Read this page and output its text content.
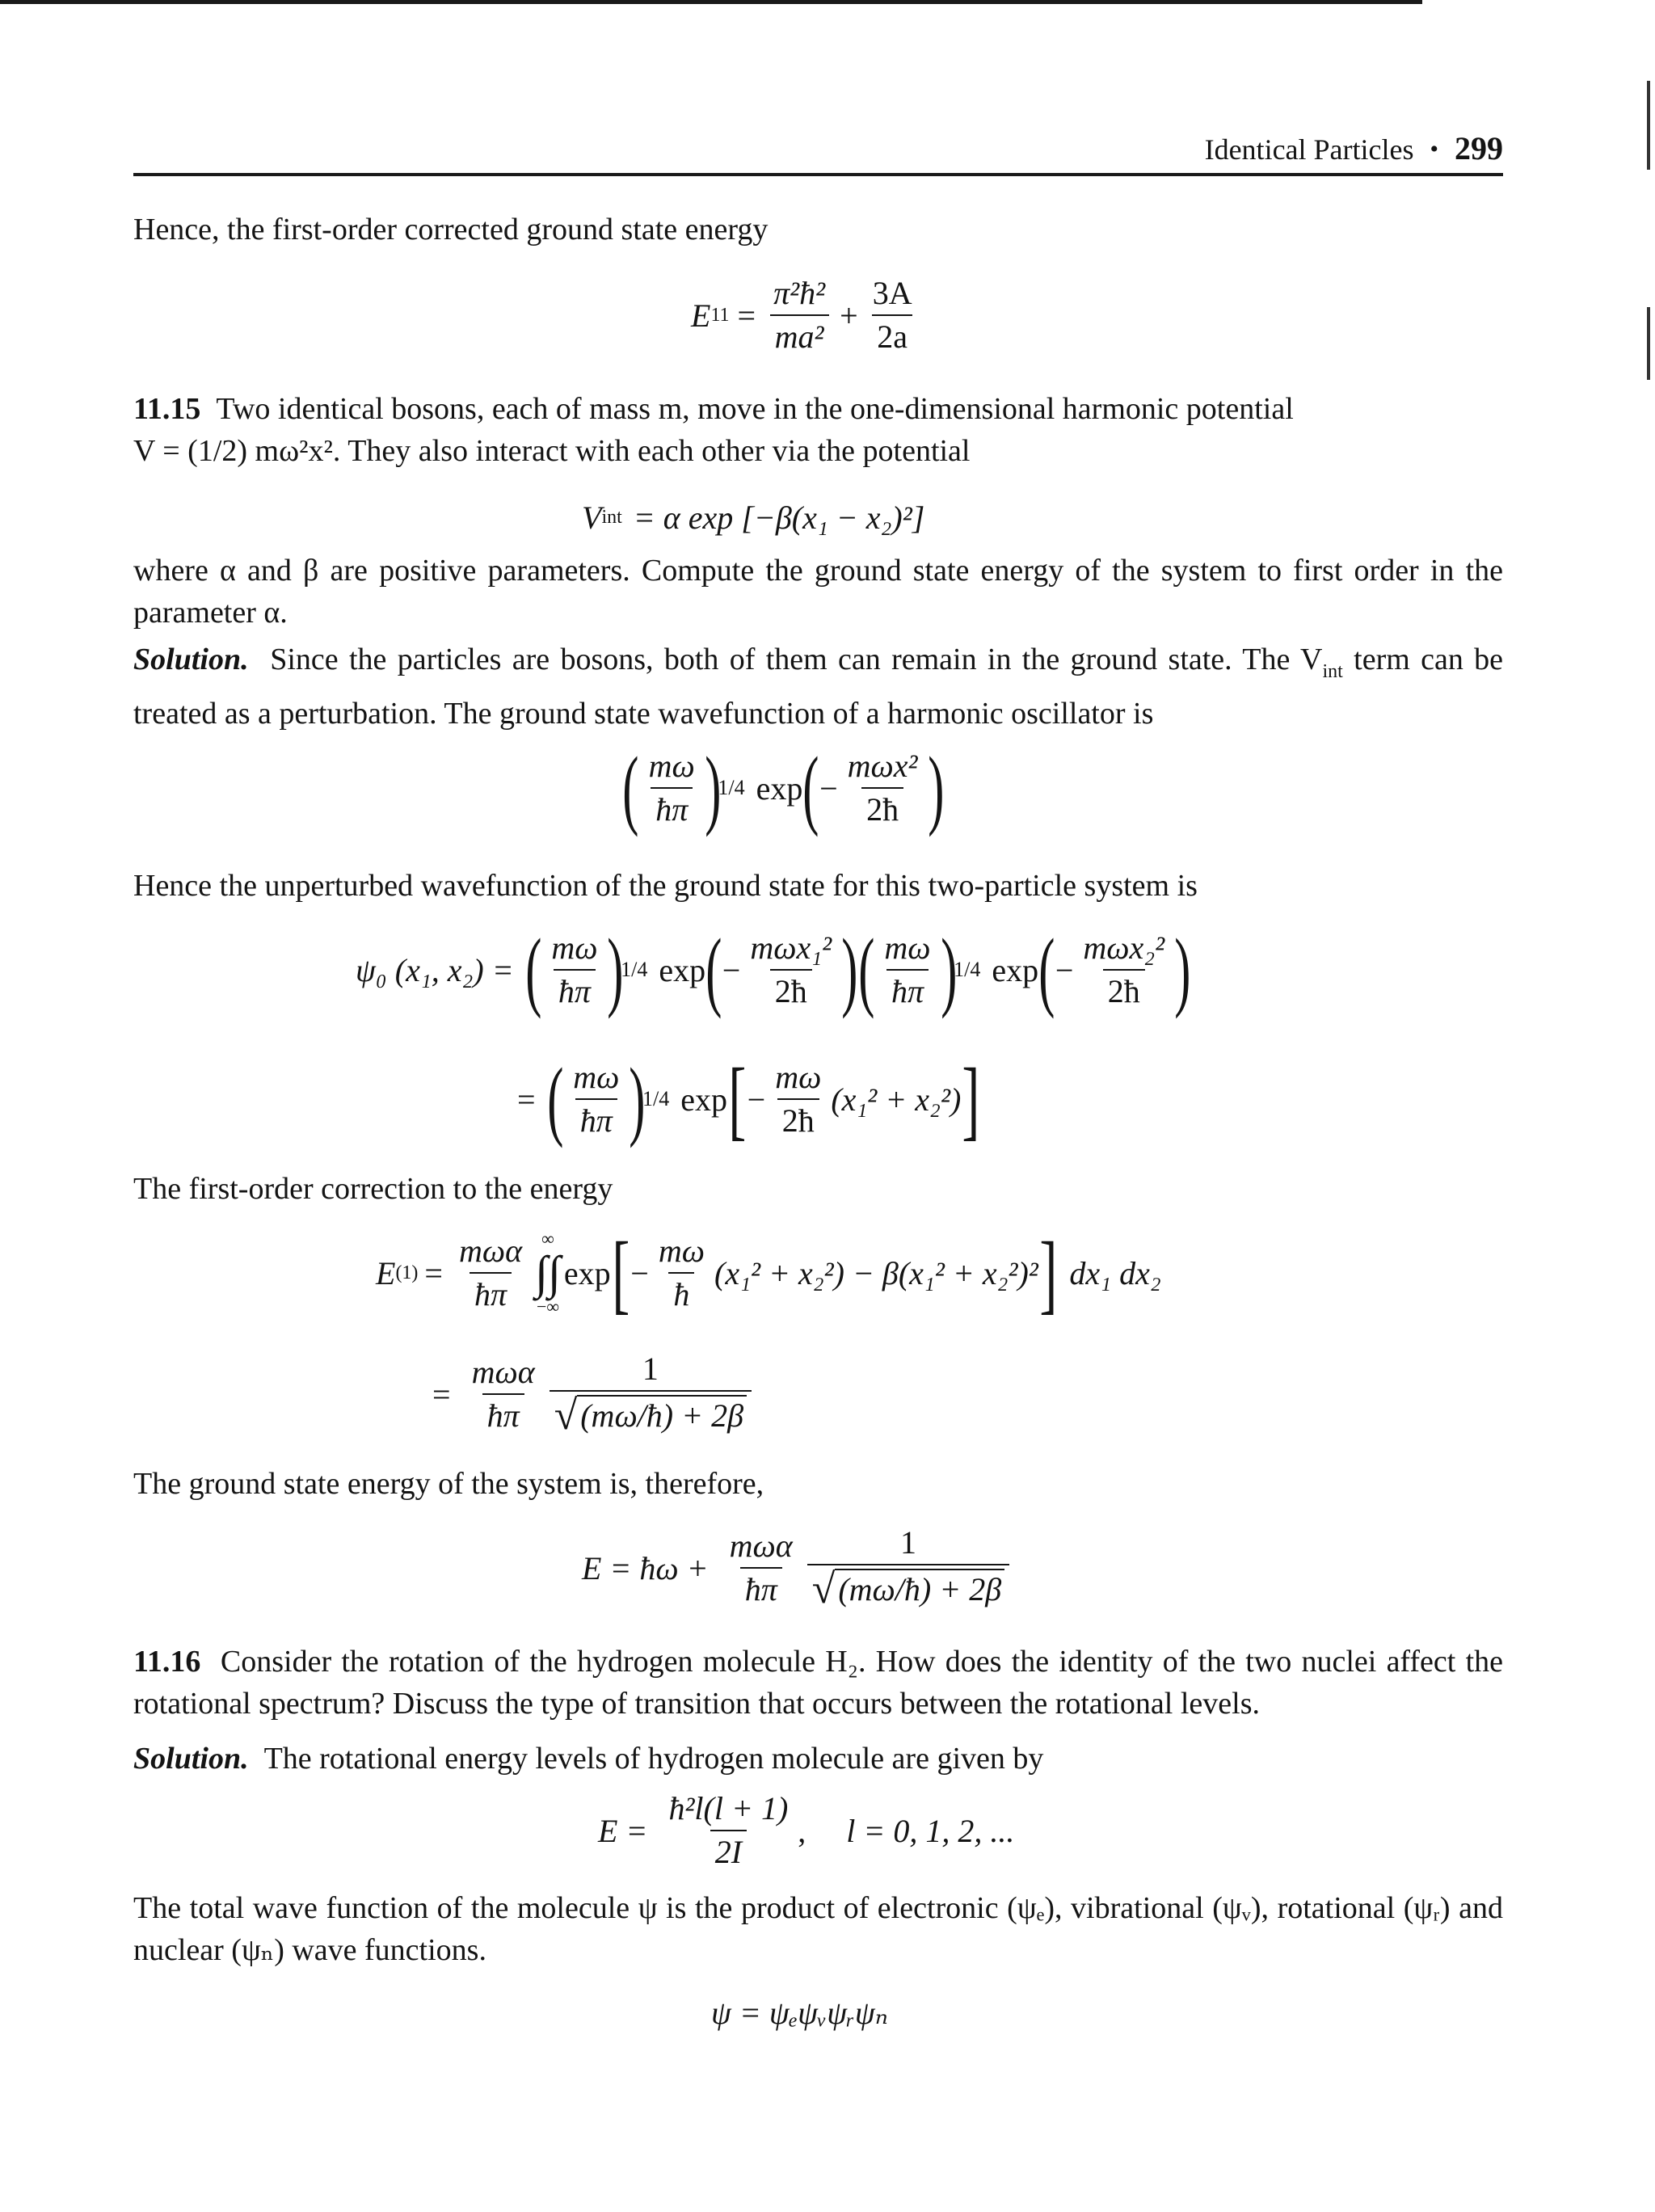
Identical Particles • 299
Hence, the first-order corrected ground state energy
E $11 = \frac{\text{π²ħ²}}{\text{ma²}} + \frac{3A}{2a}$
11.15 Two identical bosons, each of mass m, move in the one-dimensional harmonic potential
V = (1/2) mω²x². They also interact with each other via the potential
V int = α exp [−β(x₁ − x₂)²]
where α and β are positive parameters. Compute the ground state energy of the system to first order in the parameter α.
Solution. Since the particles are bosons, both of them can remain in the ground state. The $V_{int}$ term can be treated as a perturbation. The ground state wavefunction of a harmonic oscillator is
( $\frac{m\omega}{ħ\pi}$ )
1/4 exp ( − $\frac{\text{mωx²}}{2ħ}$ )
Hence the unperturbed wavefunction of the ground state for this two-particle system is
ψ₀ (x₁, x₂) = ( $\frac{m\omega}{ħ\pi}$ )
1/4 exp ( − $\frac{\text{mωx₁²}}{2ħ}$ ) ( $\frac{m\omega}{ħ\pi}$ )
1/4 exp ( − $\frac{\text{mωx₂²}}{2ħ}$ )
= ( $\frac{m\omega}{ħ\pi}$ )
1/4 exp [ − $\frac{m\omega}{2ħ} (x_1^2 + x_2^2)$ ]
The first-order correction to the energy
E $(1) = \frac{\text{mωα}}{ħ\pi}$ ∞
∫∫
−∞
exp [ − $\frac{m\omega}{ħ} (x_1^2 + x_2^2) - \beta(x_1^2 + x_2^2)^2$ ] dx₁ dx₂
= $\frac{\text{mωα}}{ħ\pi} \frac{1}{√ (m\omega/ħ) + 2\beta}$
The ground state energy of the system is, therefore,
E = ħω + $\frac{\text{mωα}}{ħ\pi} \frac{1}{√ (m\omega/ħ) + 2\beta}$
11.16 Consider the rotation of the hydrogen molecule H₂. How does the identity of the two nuclei affect the rotational spectrum? Discuss the type of transition that occurs between the rotational levels.
Solution. The rotational energy levels of hydrogen molecule are given by
$E = \frac{\text{ħ²l(l + 1)}}{2I}$ , l = 0, 1, 2, ...
The total wave function of the molecule ψ is the product of electronic (ψₑ), vibrational (ψᵥ), rotational (ψᵣ) and nuclear (ψₙ) wave functions.
ψ = ψₑψᵥψᵣψₙ
